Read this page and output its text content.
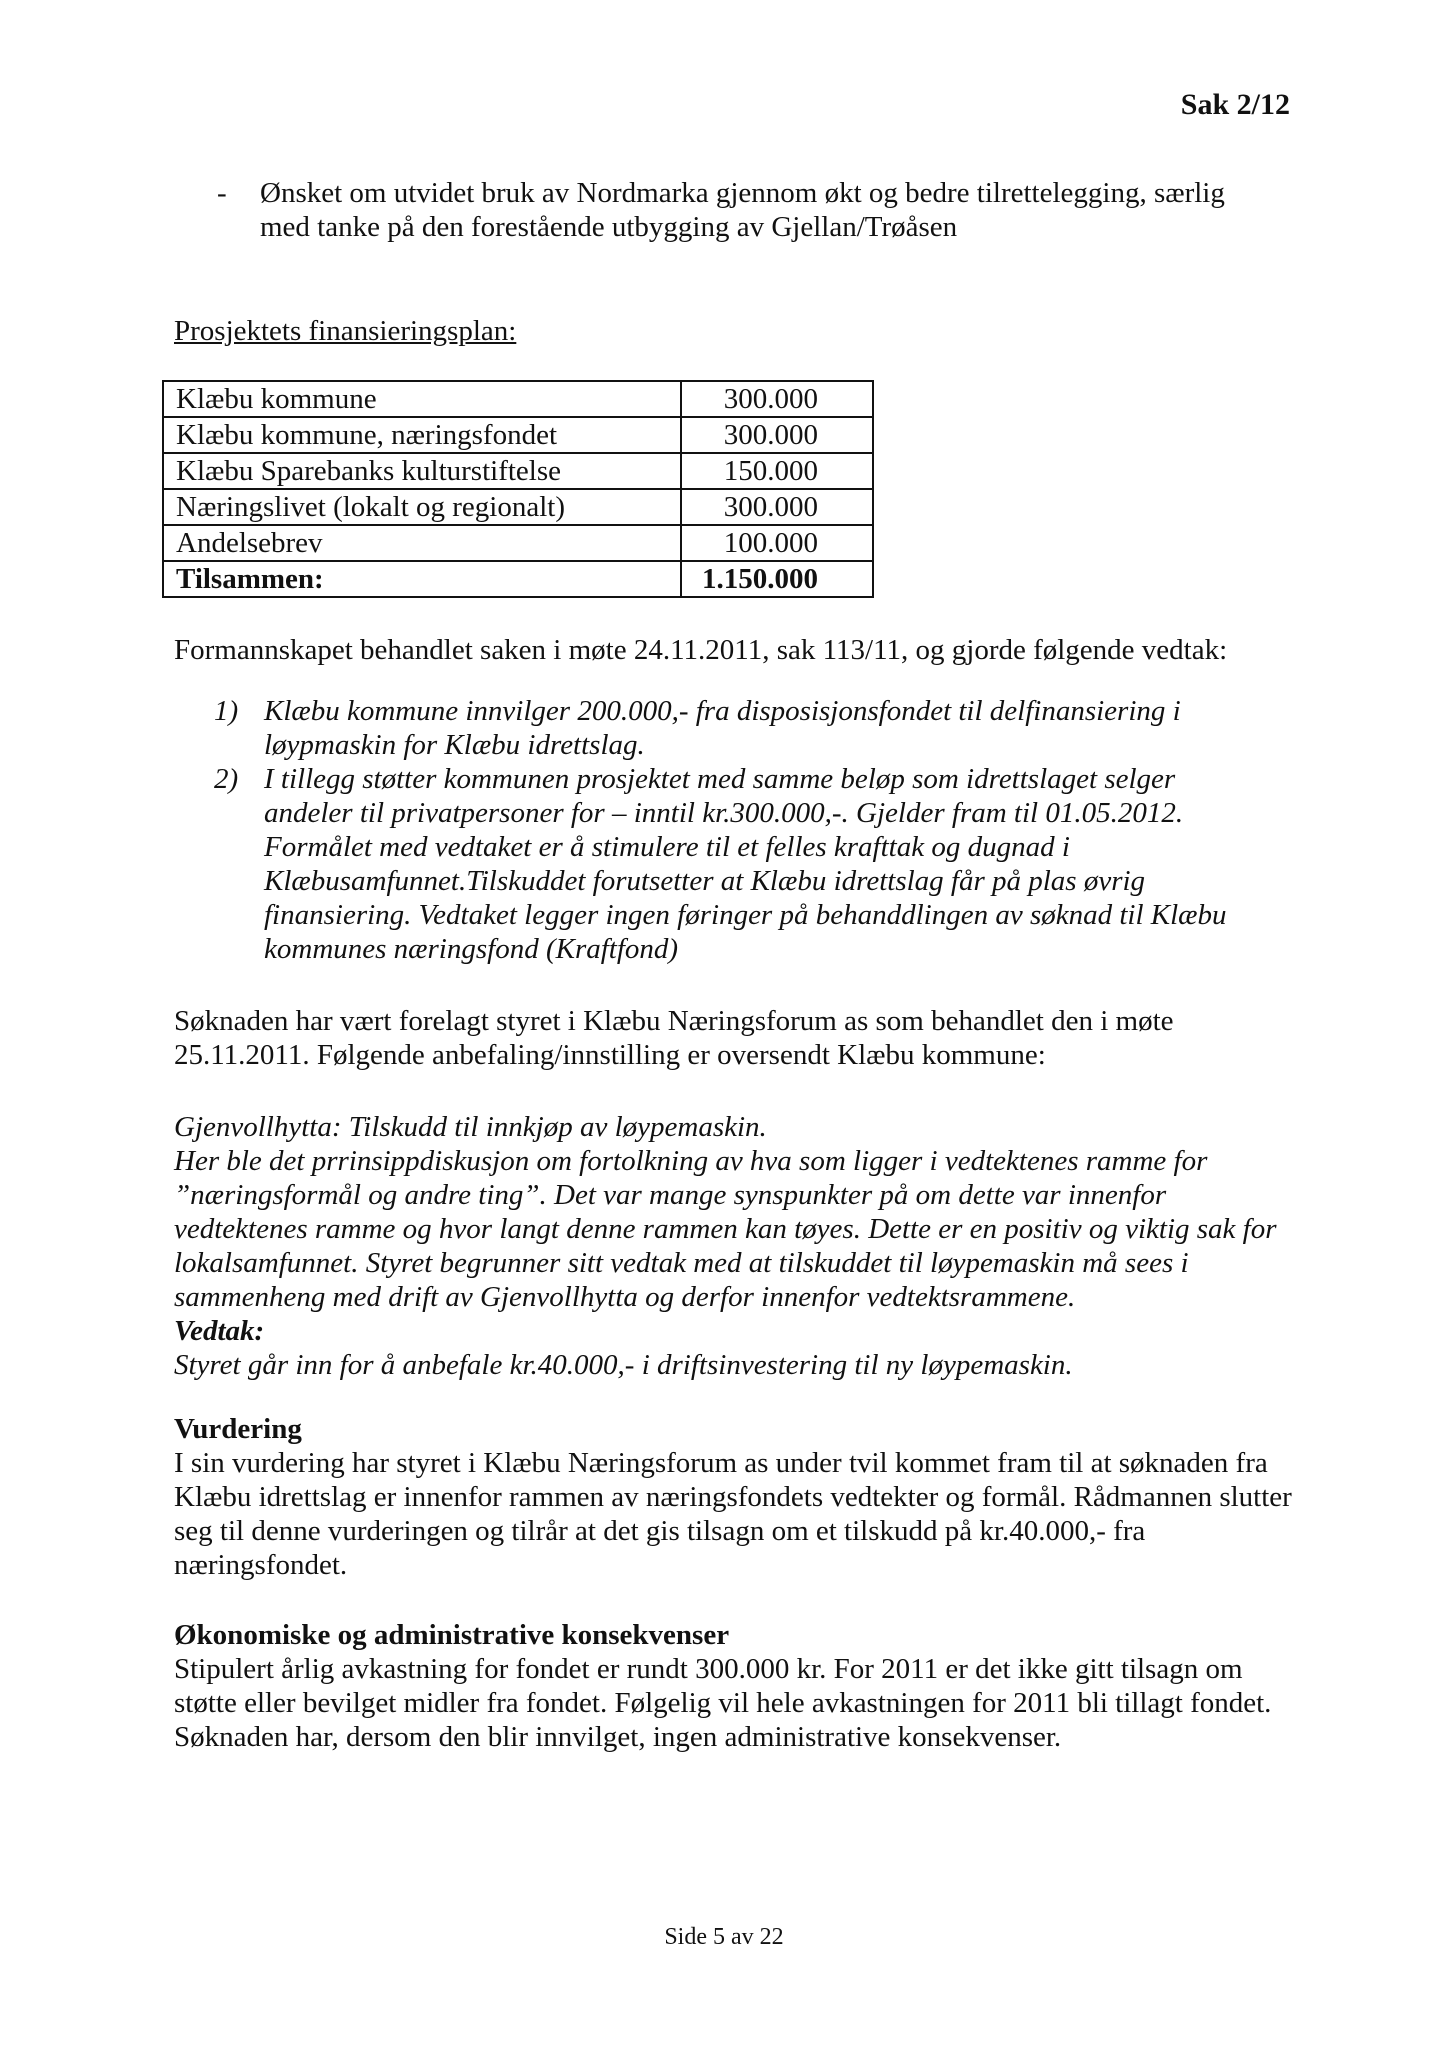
Sak 2/12
- Ønsket om utvidet bruk av Nordmarka gjennom økt og bedre tilrettelegging, særlig med tanke på den forestående utbygging av Gjellan/Trøåsen
Prosjektets finansieringsplan:
Klæbu kommune	300.000
Klæbu kommune, næringsfondet	300.000
Klæbu Sparebanks kulturstiftelse	150.000
Næringslivet (lokalt og regionalt)	300.000
Andelsebrev	100.000
Tilsammen:	1.150.000
Formannskapet behandlet saken i møte 24.11.2011, sak 113/11, og gjorde følgende vedtak:
1) Klæbu kommune innvilger 200.000,- fra disposisjonsfondet til delfinansiering i løypmaskin for Klæbu idrettslag.
2) I tillegg støtter kommunen prosjektet med samme beløp som idrettslaget selger andeler til privatpersoner for – inntil kr.300.000,-. Gjelder fram til 01.05.2012. Formålet med vedtaket er å stimulere til et felles krafttak og dugnad i Klæbusamfunnet.Tilskuddet forutsetter at Klæbu idrettslag får på plas øvrig finansiering. Vedtaket legger ingen føringer på behanddlingen av søknad til Klæbu kommunes næringsfond (Kraftfond)
Søknaden har vært forelagt styret i Klæbu Næringsforum as som behandlet den i møte 25.11.2011. Følgende anbefaling/innstilling er oversendt Klæbu kommune:
Gjenvollhytta: Tilskudd til innkjøp av løypemaskin.
Her ble det prrinsippdiskusjon om fortolkning av hva som ligger i vedtektenes ramme for ”næringsformål og andre ting”. Det var mange synspunkter på om dette var innenfor vedtektenes ramme og hvor langt denne rammen kan tøyes. Dette er en positiv og viktig sak for lokalsamfunnet. Styret begrunner sitt vedtak med at tilskuddet til løypemaskin må sees i sammenheng med drift av Gjenvollhytta og derfor innenfor vedtektsrammene.
Vedtak:
Styret går inn for å anbefale kr.40.000,- i driftsinvestering til ny løypemaskin.
Vurdering
I sin vurdering har styret i Klæbu Næringsforum as under tvil kommet fram til at søknaden fra Klæbu idrettslag er innenfor rammen av næringsfondets vedtekter og formål. Rådmannen slutter seg til denne vurderingen og tilrår at det gis tilsagn om et tilskudd på kr.40.000,- fra næringsfondet.
Økonomiske og administrative konsekvenser
Stipulert årlig avkastning for fondet er rundt 300.000 kr. For 2011 er det ikke gitt tilsagn om støtte eller bevilget midler fra fondet. Følgelig vil hele avkastningen for 2011 bli tillagt fondet. Søknaden har, dersom den blir innvilget, ingen administrative konsekvenser.
Side 5 av 22
